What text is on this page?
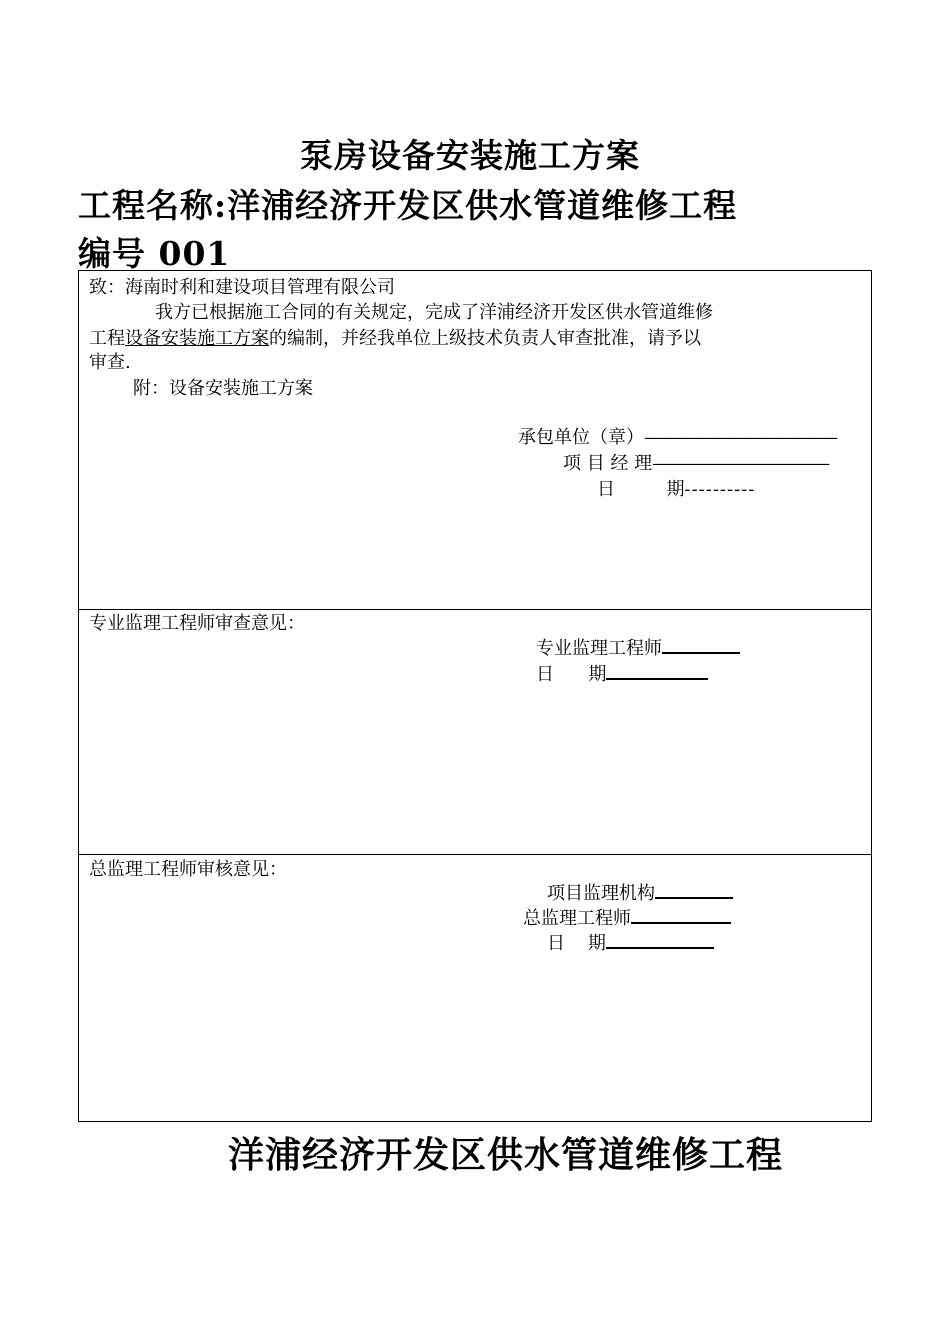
泵房设备安装施工方案
工程名称:洋浦经济开发区供水管道维修工程
编号 001
致：海南时利和建设项目管理有限公司
我方已根据施工合同的有关规定，完成了洋浦经济开发区供水管道维修
工程设备安装施工方案的编制，并经我单位上级技术负责人审查批准，请予以
审查.
附：设备安装施工方案
承包单位（章）————————————
项 目 经 理———————————
日         期----------
专业监理工程师审查意见：
专业监理工程师
日      期
总监理工程师审核意见：
项目监理机构
总监理工程师
日    期
洋浦经济开发区供水管道维修工程
